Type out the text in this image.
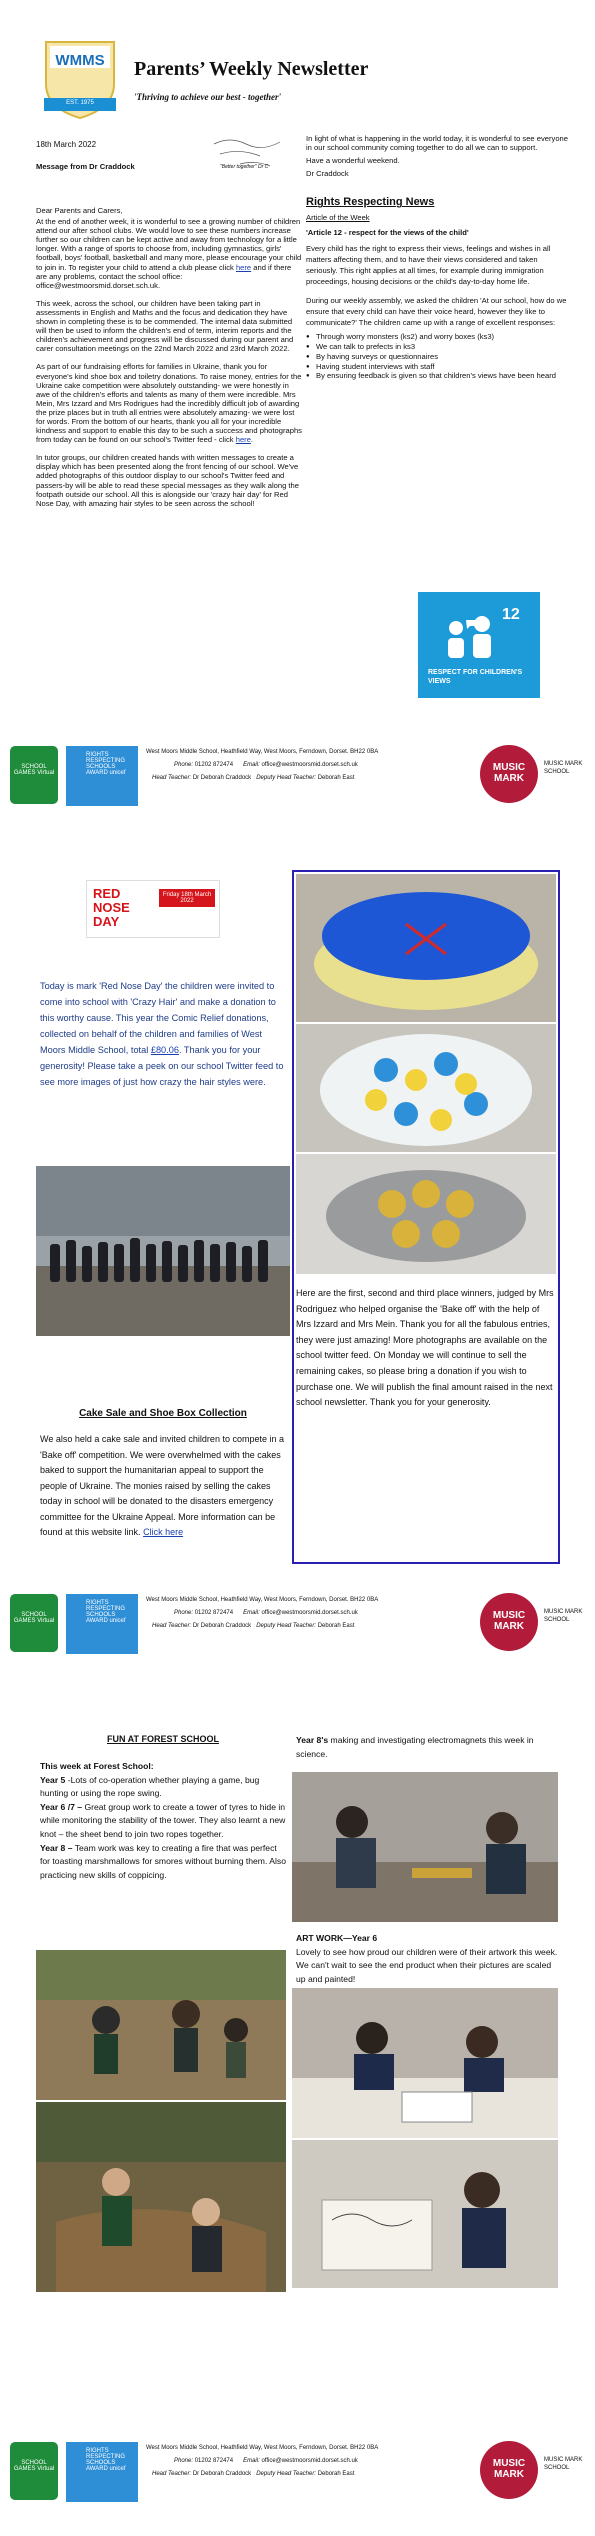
WMMS
EST. 1975
Parents’ Weekly Newsletter
'Thriving to achieve our best - together'
18th March 2022
Message from Dr Craddock	"Better together" Dr C

Dear Parents and Carers,

At the end of another week, it is wonderful to see a growing number of children attend our after school clubs. We would love to see these numbers increase further so our children can be kept active and away from technology for a little longer. With a range of sports to choose from, including gymnastics, girls' football, boys' football, basketball and many more, please encourage your child to join in. To register your child to attend a club please click here and if there are any problems, contact the school office: office@westmoorsmid.dorset.sch.uk.

This week, across the school, our children have been taking part in assessments in English and Maths and the focus and dedication they have shown in completing these is to be commended. The internal data submitted will then be used to inform the children's end of term, interim reports and the children's achievement and progress will be discussed during our parent and carer consultation meetings on the 22nd March 2022 and 23rd March 2022.

As part of our fundraising efforts for families in Ukraine, thank you for everyone's kind shoe box and toiletry donations. To raise money, entries for the Ukraine cake competition were absolutely outstanding- we were honestly in awe of the children's efforts and talents as many of them were incredible. Mrs Mein, Mrs Izzard and Mrs Rodrigues had the incredibly difficult job of awarding the prize places but in truth all entries were absolutely amazing- we were lost for words. From the bottom of our hearts, thank you all for your incredible kindness and support to enable this day to be such a success and photographs from today can be found on our school's Twitter feed - click here.

In tutor groups, our children created hands with written messages to create a display which has been presented along the front fencing of our school. We've added photographs of this outdoor display to our school's Twitter feed and passers-by will be able to read these special messages as they walk along the footpath outside our school. All this is alongside our 'crazy hair day' for Red Nose Day, with amazing hair styles to be seen across the school!

In light of what is happening in the world today, it is wonderful to see everyone in our school community coming together to do all we can to support.

Have a wonderful weekend.

Dr Craddock

Rights Respecting News

Article of the Week

'Article 12 - respect for the views of the child'

Every child has the right to express their views, feelings and wishes in all matters affecting them, and to have their views considered and taken seriously. This right applies at all times, for example during immigration proceedings, housing decisions or the child's day-to-day home life.

During our weekly assembly, we asked the children 'At our school, how do we ensure that every child can have their voice heard, however they like to communicate?' The children came up with a range of excellent responses:

● Through worry monsters (ks2) and worry boxes (ks3)
● We can talk to prefects in ks3
● By having surveys or questionnaires
● Having student interviews with staff
● By ensuring feedback is given so that children's views have been heard
12
RESPECT FOR CHILDREN'S VIEWS
SCHOOL GAMES Virtual
RIGHTS RESPECTING SCHOOLS AWARD unicef
West Moors Middle School, Heathfield Way, West Moors, Ferndown, Dorset. BH22 0BA
Phone: 01202 872474 Email: office@westmoorsmid.dorset.sch.uk
Head Teacher: Dr Deborah Craddock Deputy Head Teacher: Deborah East
MUSIC MARK
MUSIC MARK SCHOOL
RED NOSE DAY
Friday 18th March 2022
Today is mark 'Red Nose Day' the children were invited to come into school with 'Crazy Hair' and make a donation to this worthy cause. This year the Comic Relief donations, collected on behalf of the children and families of West Moors Middle School, total £80.06. Thank you for your generosity! Please take a peek on our school Twitter feed to see more images of just how crazy the hair styles were.
Cake Sale and Shoe Box Collection
We also held a cake sale and invited children to compete in a 'Bake off' competition. We were overwhelmed with the cakes baked to support the humanitarian appeal to support the people of Ukraine. The monies raised by selling the cakes today in school will be donated to the disasters emergency committee for the Ukraine Appeal. More information can be found at this website link. Click here
Here are the first, second and third place winners, judged by Mrs Rodriguez who helped organise the 'Bake off' with the help of Mrs Izzard and Mrs Mein. Thank you for all the fabulous entries, they were just amazing! More photographs are available on the school twitter feed. On Monday we will continue to sell the remaining cakes, so please bring a donation if you wish to purchase one. We will publish the final amount raised in the next school newsletter. Thank you for your generosity.
SCHOOL GAMES Virtual
RIGHTS RESPECTING SCHOOLS AWARD unicef
West Moors Middle School, Heathfield Way, West Moors, Ferndown, Dorset. BH22 0BA
Phone: 01202 872474 Email: office@westmoorsmid.dorset.sch.uk
Head Teacher: Dr Deborah Craddock Deputy Head Teacher: Deborah East
MUSIC MARK
MUSIC MARK SCHOOL
FUN AT FOREST SCHOOL
This week at Forest School:
Year 5 -Lots of co-operation whether playing a game, bug hunting or using the rope swing.
Year 6 /7 – Great group work to create a tower of tyres to hide in while monitoring the stability of the tower. They also learnt a new knot – the sheet bend to join two ropes together.
Year 8 – Team work was key to creating a fire that was perfect for toasting marshmallows for smores without burning them. Also practicing new skills of coppicing.
Year 8's making and investigating electromagnets this week in science.
ART WORK—Year 6
Lovely to see how proud our children were of their artwork this week. We can't wait to see the end product when their pictures are scaled up and painted!
SCHOOL GAMES Virtual
RIGHTS RESPECTING SCHOOLS AWARD unicef
West Moors Middle School, Heathfield Way, West Moors, Ferndown, Dorset. BH22 0BA
Phone: 01202 872474 Email: office@westmoorsmid.dorset.sch.uk
Head Teacher: Dr Deborah Craddock Deputy Head Teacher: Deborah East
MUSIC MARK
MUSIC MARK SCHOOL
